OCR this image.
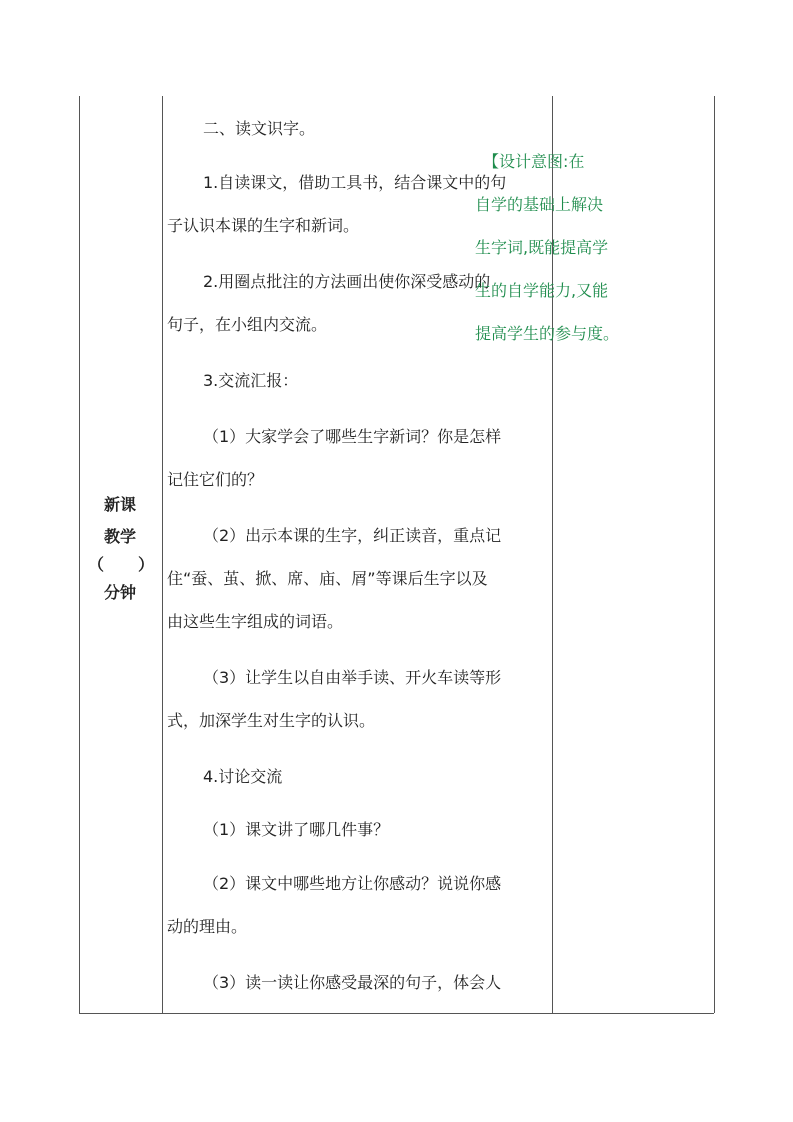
新课
教学
（ ）
分钟

二、读文识字。

1.自读课文，借助工具书，结合课文中的句

子认识本课的生字和新词。

2.用圈点批注的方法画出使你深受感动的

句子，在小组内交流。

3.交流汇报：

（1）大家学会了哪些生字新词？你是怎样

记住它们的？

（2）出示本课的生字，纠正读音，重点记

住“蚕、茧、掀、席、庙、屑”等课后生字以及

由这些生字组成的词语。

（3）让学生以自由举手读、开火车读等形

式，加深学生对生字的认识。

4.讨论交流

（1）课文讲了哪几件事？

（2）课文中哪些地方让你感动？说说你感

动的理由。

（3）读一读让你感受最深的句子，体会人

【设计意图:在
自学的基础上解决
生字词,既能提高学
生的自学能力,又能
提高学生的参与度。
